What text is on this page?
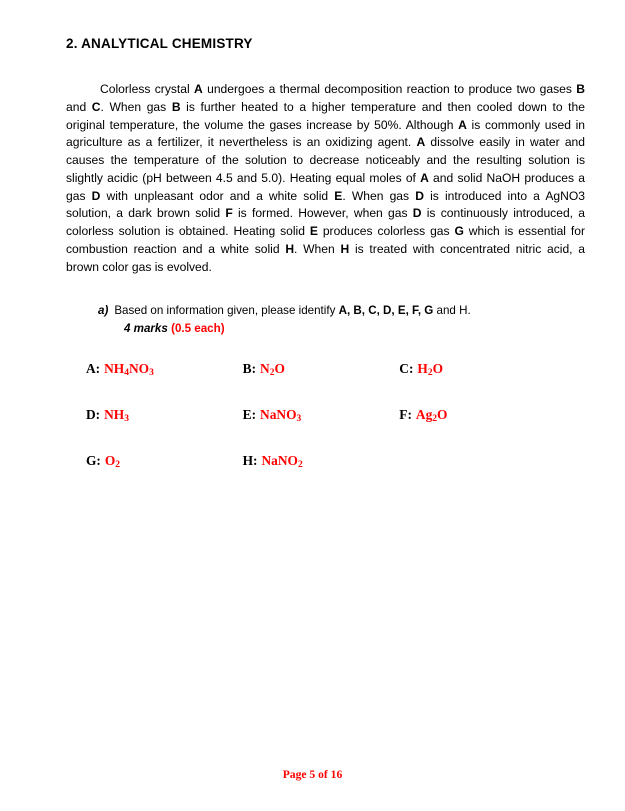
2. ANALYTICAL CHEMISTRY
Colorless crystal A undergoes a thermal decomposition reaction to produce two gases B and C. When gas B is further heated to a higher temperature and then cooled down to the original temperature, the volume the gases increase by 50%. Although A is commonly used in agriculture as a fertilizer, it nevertheless is an oxidizing agent. A dissolve easily in water and causes the temperature of the solution to decrease noticeably and the resulting solution is slightly acidic (pH between 4.5 and 5.0). Heating equal moles of A and solid NaOH produces a gas D with unpleasant odor and a white solid E. When gas D is introduced into a AgNO3 solution, a dark brown solid F is formed. However, when gas D is continuously introduced, a colorless solution is obtained. Heating solid E produces colorless gas G which is essential for combustion reaction and a white solid H. When H is treated with concentrated nitric acid, a brown color gas is evolved.
a) Based on information given, please identify A, B, C, D, E, F, G and H.
4 marks (0.5 each)
A: $NH_4NO_3$	B: $N_2O$	C: $H_2O$
D: $NH_3$	E: NaNO$_3$	F: $Ag_2O$
G: $O_2$	H: NaNO$_2$
Page 5 of 16
